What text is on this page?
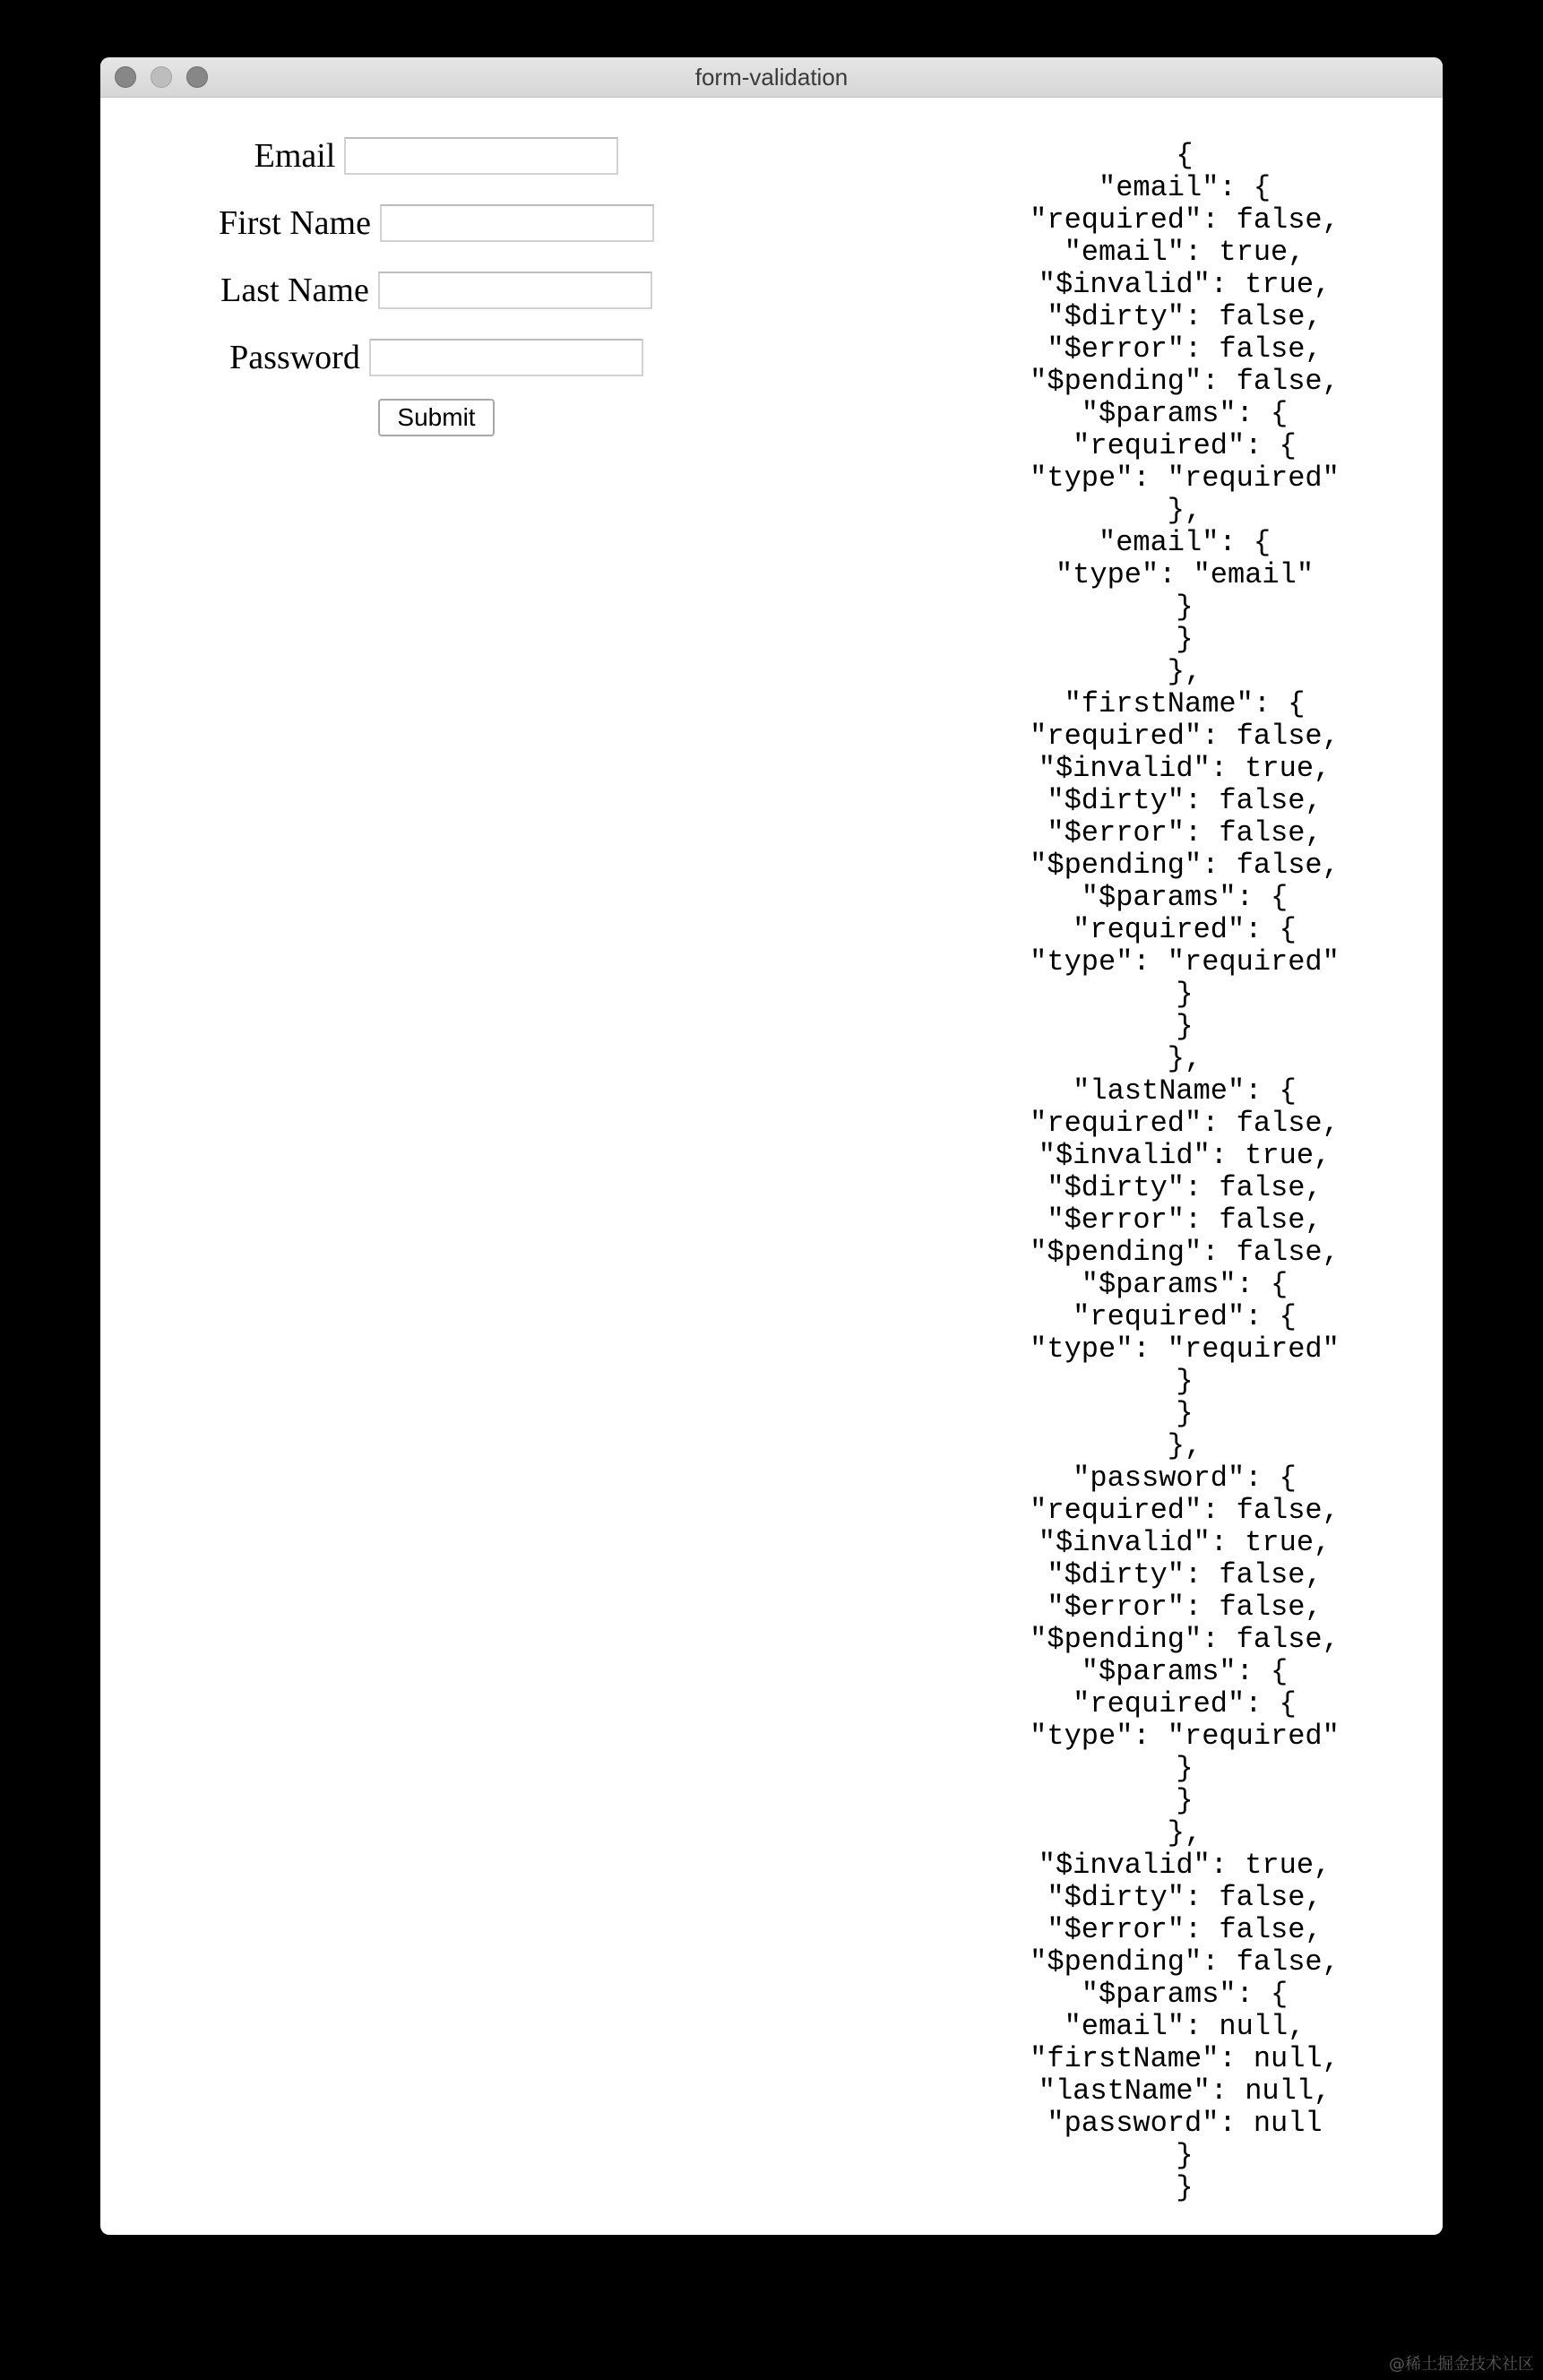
form-validation
Email
First Name
Last Name
Password
Submit
{
"email": {
"required": false,
"email": true,
"$invalid": true,
"$dirty": false,
"$error": false,
"$pending": false,
"$params": {
"required": {
"type": "required"
},
"email": {
"type": "email"
}
}
},
"firstName": {
"required": false,
"$invalid": true,
"$dirty": false,
"$error": false,
"$pending": false,
"$params": {
"required": {
"type": "required"
}
}
},
"lastName": {
"required": false,
"$invalid": true,
"$dirty": false,
"$error": false,
"$pending": false,
"$params": {
"required": {
"type": "required"
}
}
},
"password": {
"required": false,
"$invalid": true,
"$dirty": false,
"$error": false,
"$pending": false,
"$params": {
"required": {
"type": "required"
}
}
},
"$invalid": true,
"$dirty": false,
"$error": false,
"$pending": false,
"$params": {
"email": null,
"firstName": null,
"lastName": null,
"password": null
}
}
@稀土掘金技术社区
